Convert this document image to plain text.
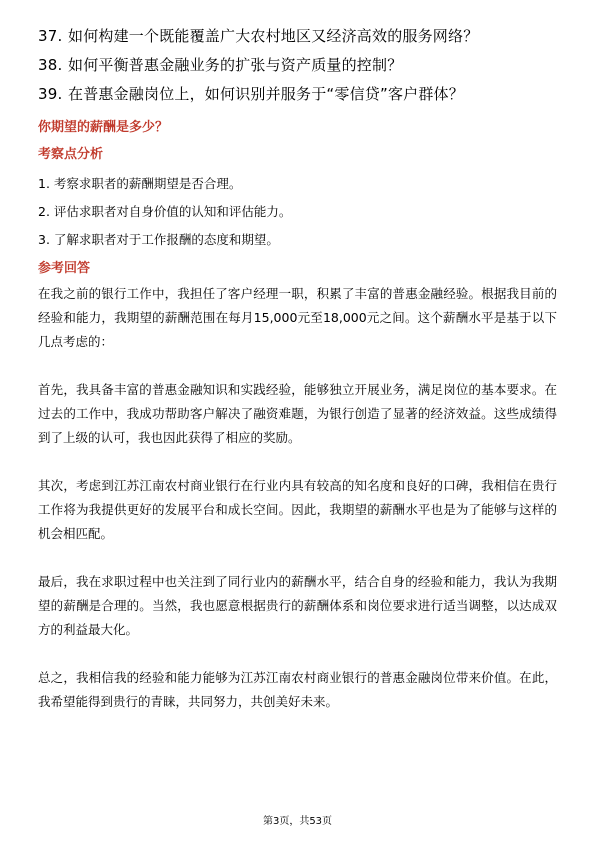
37. 如何构建一个既能覆盖广大农村地区又经济高效的服务网络？
38. 如何平衡普惠金融业务的扩张与资产质量的控制？
39. 在普惠金融岗位上，如何识别并服务于“零信贷”客户群体？
你期望的薪酬是多少？
考察点分析
1. 考察求职者的薪酬期望是否合理。
2. 评估求职者对自身价值的认知和评估能力。
3. 了解求职者对于工作报酬的态度和期望。
参考回答

在我之前的银行工作中，我担任了客户经理一职，积累了丰富的普惠金融经验。根据我目前的经验和能力，我期望的薪酬范围在每月15,000元至18,000元之间。这个薪酬水平是基于以下几点考虑的：

首先，我具备丰富的普惠金融知识和实践经验，能够独立开展业务，满足岗位的基本要求。在过去的工作中，我成功帮助客户解决了融资难题，为银行创造了显著的经济效益。这些成绩得到了上级的认可，我也因此获得了相应的奖励。

其次，考虑到江苏江南农村商业银行在行业内具有较高的知名度和良好的口碑，我相信在贵行工作将为我提供更好的发展平台和成长空间。因此，我期望的薪酬水平也是为了能够与这样的机会相匹配。

最后，我在求职过程中也关注到了同行业内的薪酬水平，结合自身的经验和能力，我认为我期望的薪酬是合理的。当然，我也愿意根据贵行的薪酬体系和岗位要求进行适当调整，以达成双方的利益最大化。

总之，我相信我的经验和能力能够为江苏江南农村商业银行的普惠金融岗位带来价值。在此，我希望能得到贵行的青睐，共同努力，共创美好未来。

第3页，共53页
